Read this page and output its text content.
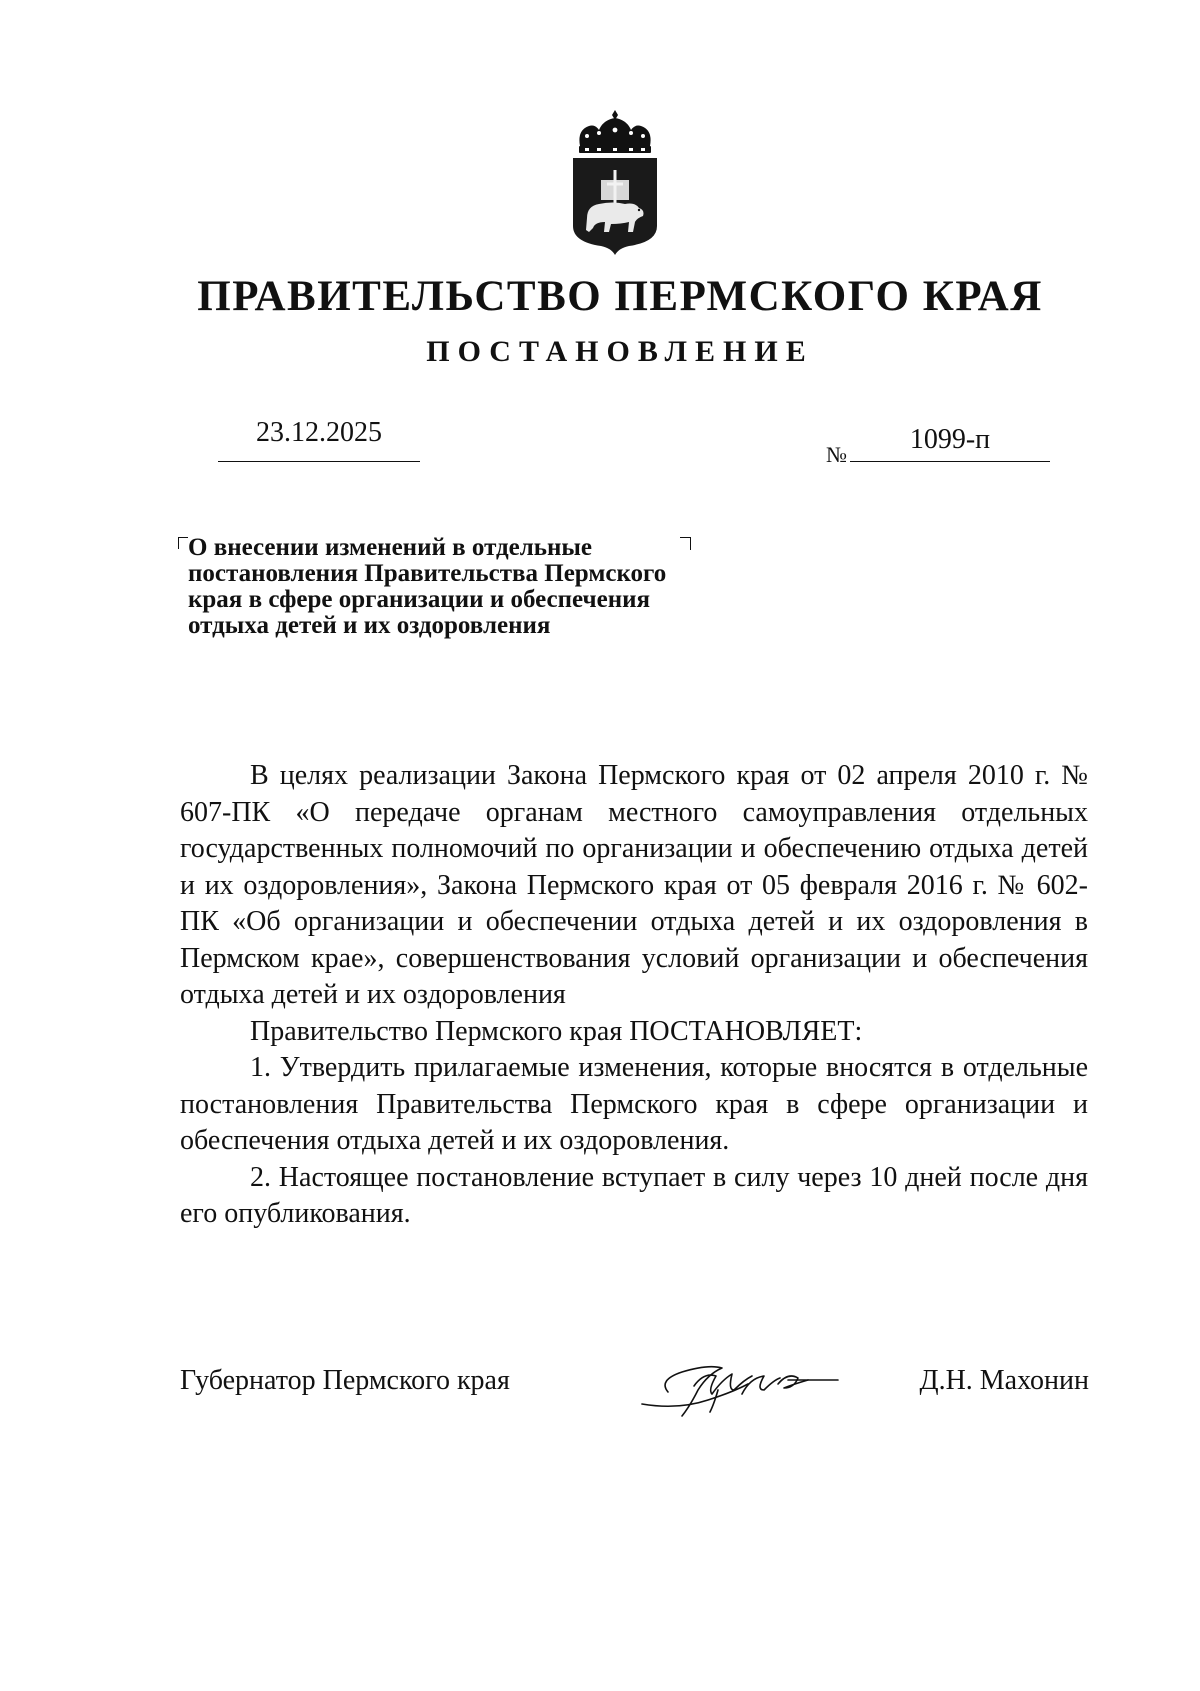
ПРАВИТЕЛЬСТВО ПЕРМСКОГО КРАЯ
ПОСТАНОВЛЕНИЕ
23.12.2025
№	1099-п
О внесении изменений в отдельные
постановления Правительства Пермского
края в сфере организации и обеспечения
отдыха детей и их оздоровления

В целях реализации Закона Пермского края от 02 апреля 2010 г. № 607-ПК «О передаче органам местного самоуправления отдельных государственных полномочий по организации и обеспечению отдыха детей и их оздоровления», Закона Пермского края от 05 февраля 2016 г. № 602-ПК «Об организации и обеспечении отдыха детей и их оздоровления в Пермском крае», совершенствования условий организации и обеспечения отдыха детей и их оздоровления

Правительство Пермского края ПОСТАНОВЛЯЕТ:

1. Утвердить прилагаемые изменения, которые вносятся в отдельные постановления Правительства Пермского края в сфере организации и обеспечения отдыха детей и их оздоровления.

2. Настоящее постановление вступает в силу через 10 дней после дня его опубликования.

Губернатор Пермского края	Д.Н. Махонин
